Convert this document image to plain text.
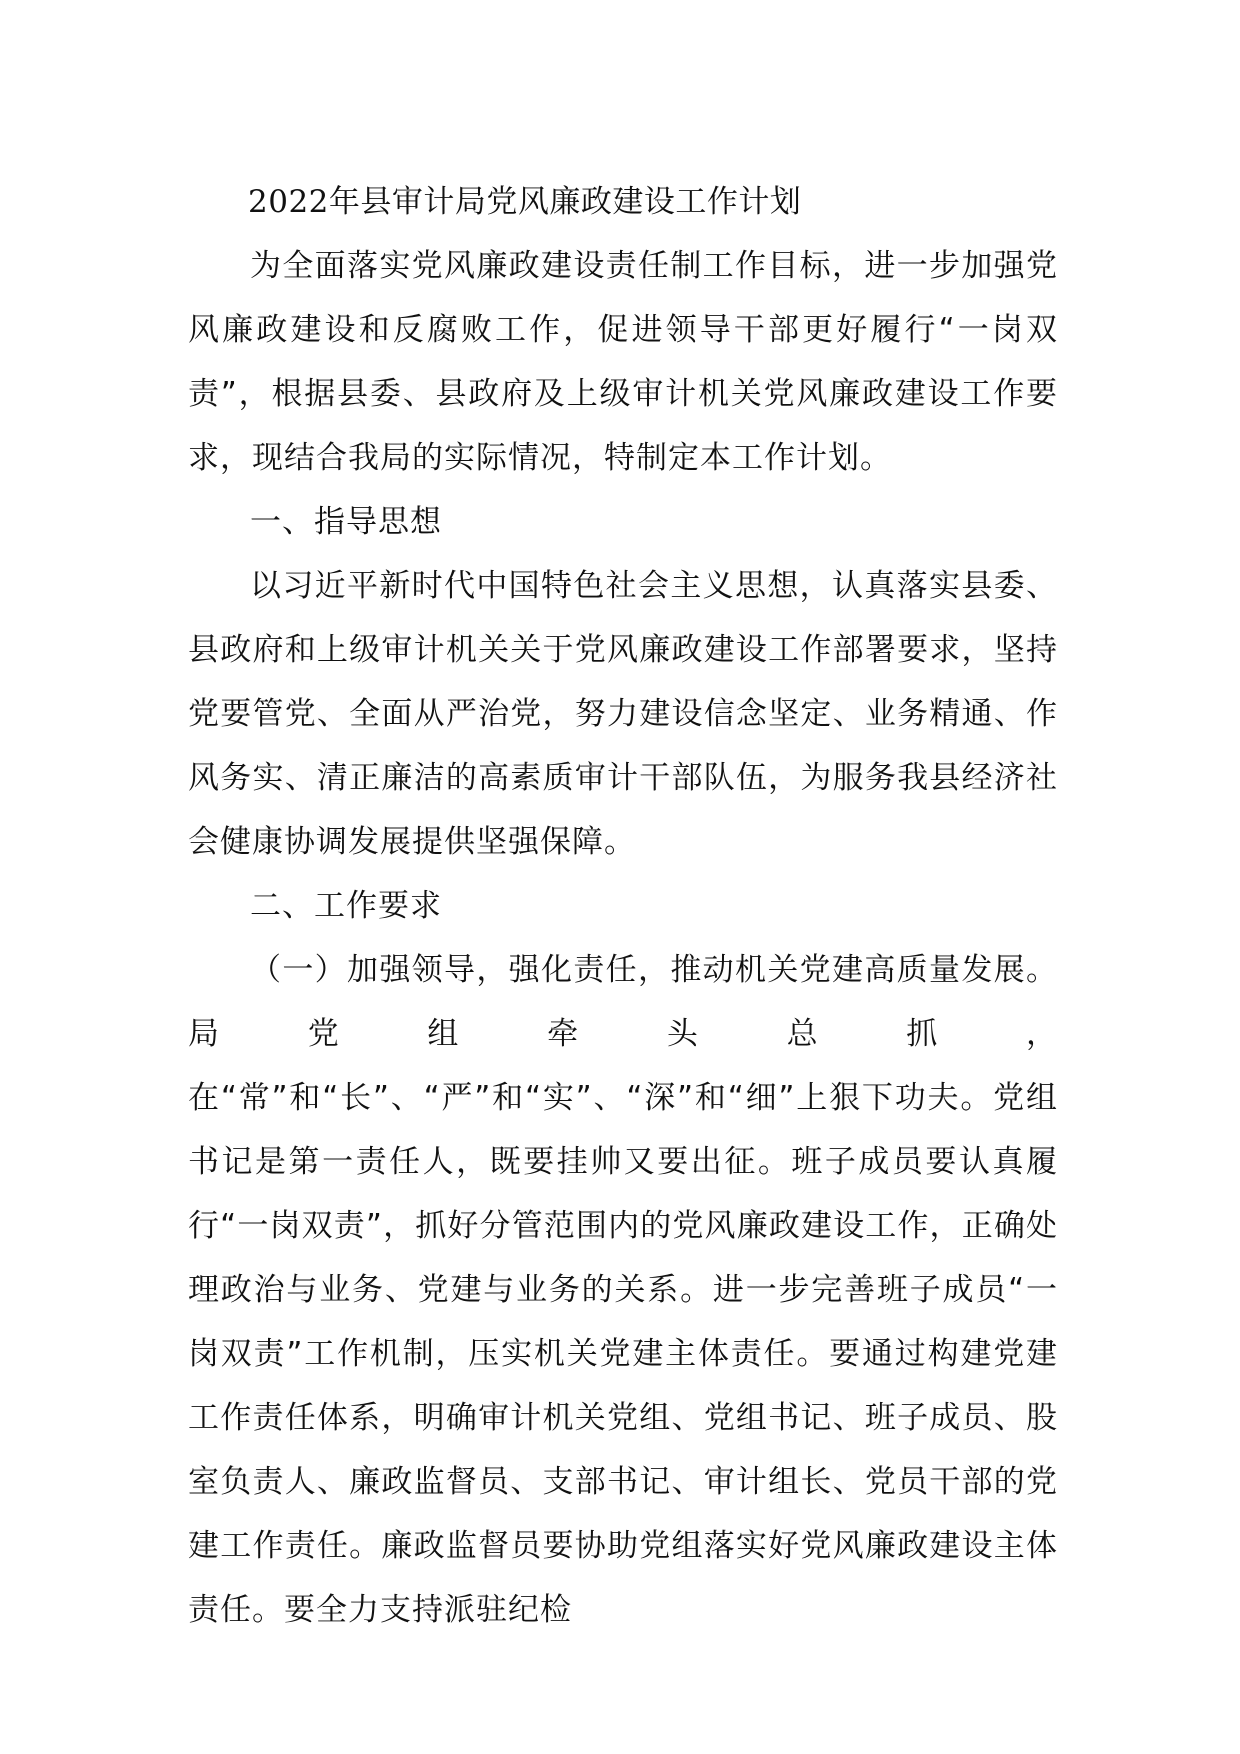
2022年县审计局党风廉政建设工作计划

为全面落实党风廉政建设责任制工作目标，进一步加强党风廉政建设和反腐败工作，促进领导干部更好履行“一岗双责”，根据县委、县政府及上级审计机关党风廉政建设工作要求，现结合我局的实际情况，特制定本工作计划。

一、指导思想

以习近平新时代中国特色社会主义思想，认真落实县委、县政府和上级审计机关关于党风廉政建设工作部署要求，坚持党要管党、全面从严治党，努力建设信念坚定、业务精通、作风务实、清正廉洁的高素质审计干部队伍，为服务我县经济社会健康协调发展提供坚强保障。

二、工作要求

（一）加强领导，强化责任，推动机关党建高质量发展。局党组牵头总抓，在“常”和“长”、“严”和“实”、“深”和“细”上狠下功夫。党组书记是第一责任人，既要挂帅又要出征。班子成员要认真履行“一岗双责”，抓好分管范围内的党风廉政建设工作，正确处理政治与业务、党建与业务的关系。进一步完善班子成员“一岗双责”工作机制，压实机关党建主体责任。要通过构建党建工作责任体系，明确审计机关党组、党组书记、班子成员、股室负责人、廉政监督员、支部书记、审计组长、党员干部的党建工作责任。廉政监督员要协助党组落实好党风廉政建设主体责任。要全力支持派驻纪检
